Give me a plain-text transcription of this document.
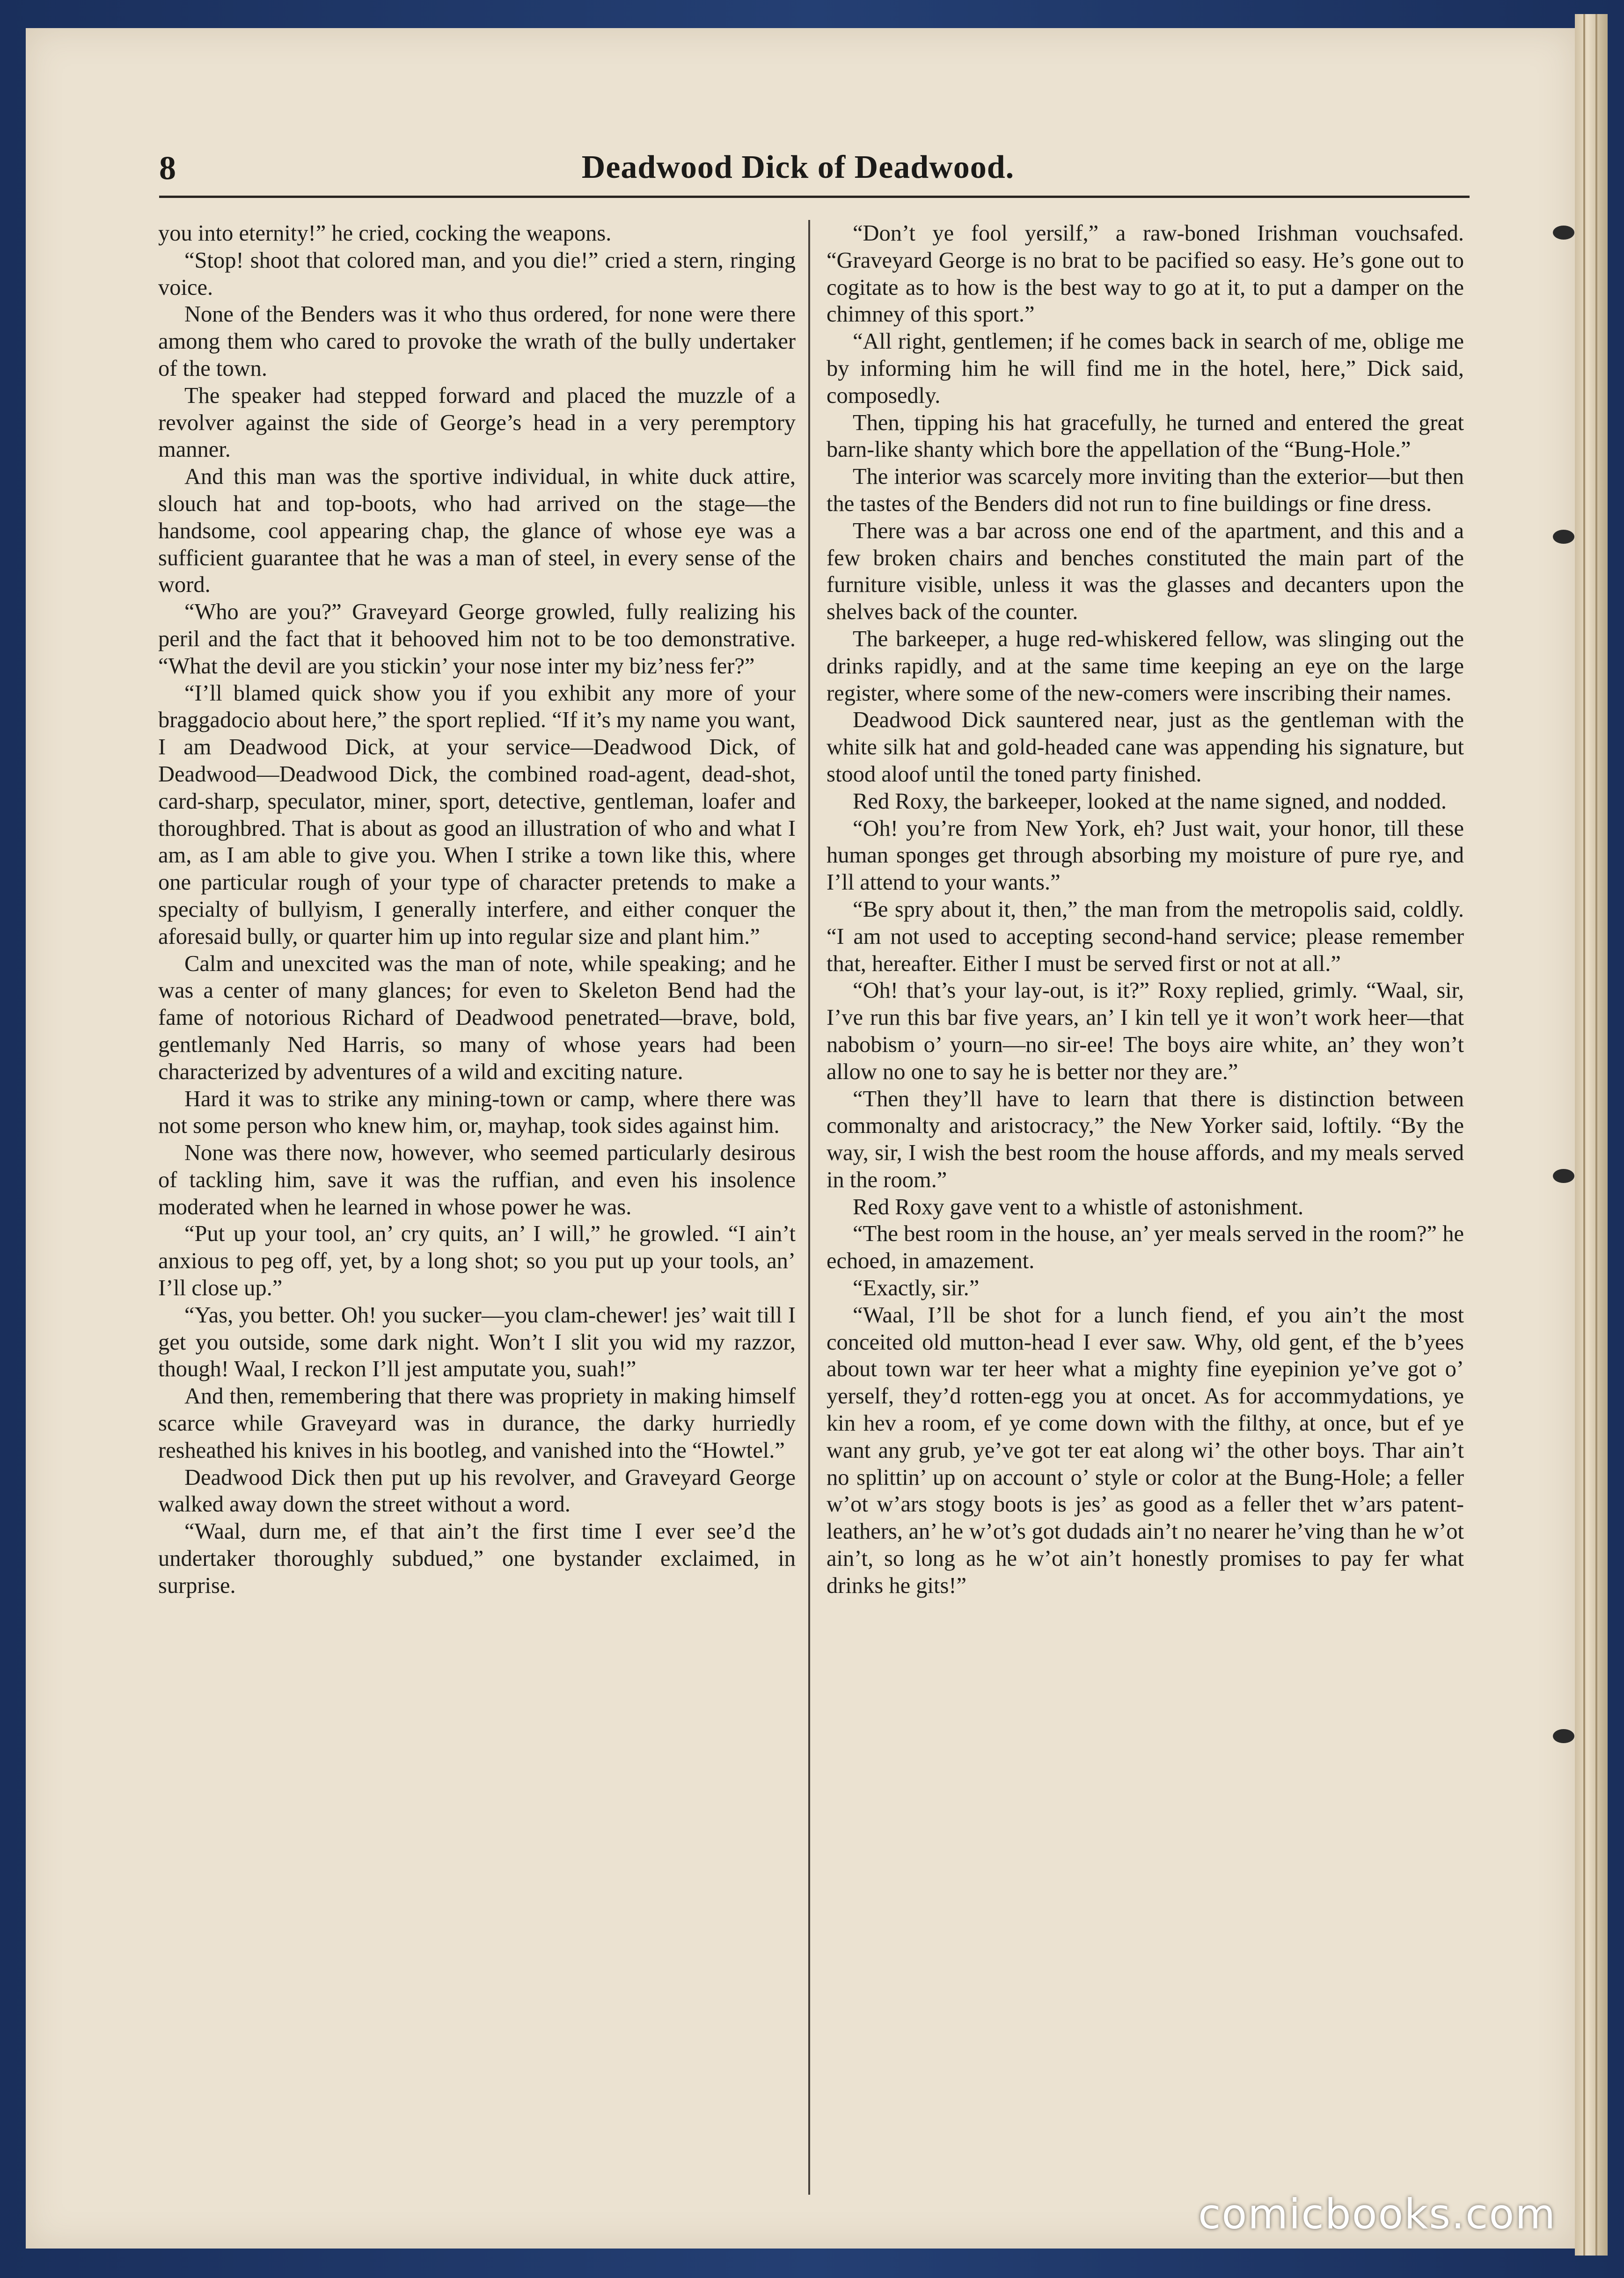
8	Deadwood Dick of Deadwood.

you into eternity!” he cried, cocking the weapons.

“Stop! shoot that colored man, and you die!” cried a stern, ringing voice.

None of the Benders was it who thus ordered, for none were there among them who cared to provoke the wrath of the bully undertaker of the town.

The speaker had stepped forward and placed the muzzle of a revolver against the side of George’s head in a very peremptory manner.

And this man was the sportive individual, in white duck attire, slouch hat and top-boots, who had arrived on the stage—the handsome, cool appearing chap, the glance of whose eye was a sufficient guarantee that he was a man of steel, in every sense of the word.

“Who are you?” Graveyard George growled, fully realizing his peril and the fact that it behooved him not to be too demonstrative. “What the devil are you stickin’ your nose inter my biz’ness fer?”

“I’ll blamed quick show you if you exhibit any more of your braggadocio about here,” the sport replied. “If it’s my name you want, I am Deadwood Dick, at your service—Deadwood Dick, of Deadwood—Deadwood Dick, the combined road-agent, dead-shot, card-sharp, speculator, miner, sport, detective, gentleman, loafer and thoroughbred. That is about as good an illustration of who and what I am, as I am able to give you. When I strike a town like this, where one particular rough of your type of character pretends to make a specialty of bullyism, I generally interfere, and either conquer the aforesaid bully, or quarter him up into regular size and plant him.”

Calm and unexcited was the man of note, while speaking; and he was a center of many glances; for even to Skeleton Bend had the fame of notorious Richard of Deadwood penetrated—brave, bold, gentlemanly Ned Harris, so many of whose years had been characterized by adventures of a wild and exciting nature.

Hard it was to strike any mining-town or camp, where there was not some person who knew him, or, mayhap, took sides against him.

None was there now, however, who seemed particularly desirous of tackling him, save it was the ruffian, and even his insolence moderated when he learned in whose power he was.

“Put up your tool, an’ cry quits, an’ I will,” he growled. “I ain’t anxious to peg off, yet, by a long shot; so you put up your tools, an’ I’ll close up.”

“Yas, you better. Oh! you sucker—you clam-chewer! jes’ wait till I get you outside, some dark night. Won’t I slit you wid my razzor, though! Waal, I reckon I’ll jest amputate you, suah!”

And then, remembering that there was propriety in making himself scarce while Graveyard was in durance, the darky hurriedly resheathed his knives in his bootleg, and vanished into the “Howtel.”

Deadwood Dick then put up his revolver, and Graveyard George walked away down the street without a word.

“Waal, durn me, ef that ain’t the first time I ever see’d the undertaker thoroughly subdued,” one bystander exclaimed, in surprise.

“Don’t ye fool yersilf,” a raw-boned Irishman vouchsafed. “Graveyard George is no brat to be pacified so easy. He’s gone out to cogitate as to how is the best way to go at it, to put a damper on the chimney of this sport.”

“All right, gentlemen; if he comes back in search of me, oblige me by informing him he will find me in the hotel, here,” Dick said, composedly.

Then, tipping his hat gracefully, he turned and entered the great barn-like shanty which bore the appellation of the “Bung-Hole.”

The interior was scarcely more inviting than the exterior—but then the tastes of the Benders did not run to fine buildings or fine dress.

There was a bar across one end of the apartment, and this and a few broken chairs and benches constituted the main part of the furniture visible, unless it was the glasses and decanters upon the shelves back of the counter.

The barkeeper, a huge red-whiskered fellow, was slinging out the drinks rapidly, and at the same time keeping an eye on the large register, where some of the new-comers were inscribing their names.

Deadwood Dick sauntered near, just as the gentleman with the white silk hat and gold-headed cane was appending his signature, but stood aloof until the toned party finished.

Red Roxy, the barkeeper, looked at the name signed, and nodded.

“Oh! you’re from New York, eh? Just wait, your honor, till these human sponges get through absorbing my moisture of pure rye, and I’ll attend to your wants.”

“Be spry about it, then,” the man from the metropolis said, coldly. “I am not used to accepting second-hand service; please remember that, hereafter. Either I must be served first or not at all.”

“Oh! that’s your lay-out, is it?” Roxy replied, grimly. “Waal, sir, I’ve run this bar five years, an’ I kin tell ye it won’t work heer—that nabobism o’ yourn—no sir-ee! The boys aire white, an’ they won’t allow no one to say he is better nor they are.”

“Then they’ll have to learn that there is distinction between commonalty and aristocracy,” the New Yorker said, loftily. “By the way, sir, I wish the best room the house affords, and my meals served in the room.”

Red Roxy gave vent to a whistle of astonishment.

“The best room in the house, an’ yer meals served in the room?” he echoed, in amazement.

“Exactly, sir.”

“Waal, I’ll be shot for a lunch fiend, ef you ain’t the most conceited old mutton-head I ever saw. Why, old gent, ef the b’yees about town war ter heer what a mighty fine eyepinion ye’ve got o’ yerself, they’d rotten-egg you at oncet. As for accommydations, ye kin hev a room, ef ye come down with the filthy, at once, but ef ye want any grub, ye’ve got ter eat along wi’ the other boys. Thar ain’t no splittin’ up on account o’ style or color at the Bung-Hole; a feller w’ot w’ars stogy boots is jes’ as good as a feller thet w’ars patent-leathers, an’ he w’ot’s got dudads ain’t no nearer he’ving than he w’ot ain’t, so long as he w’ot ain’t honestly promises to pay fer what drinks he gits!”

comicbooks.com
